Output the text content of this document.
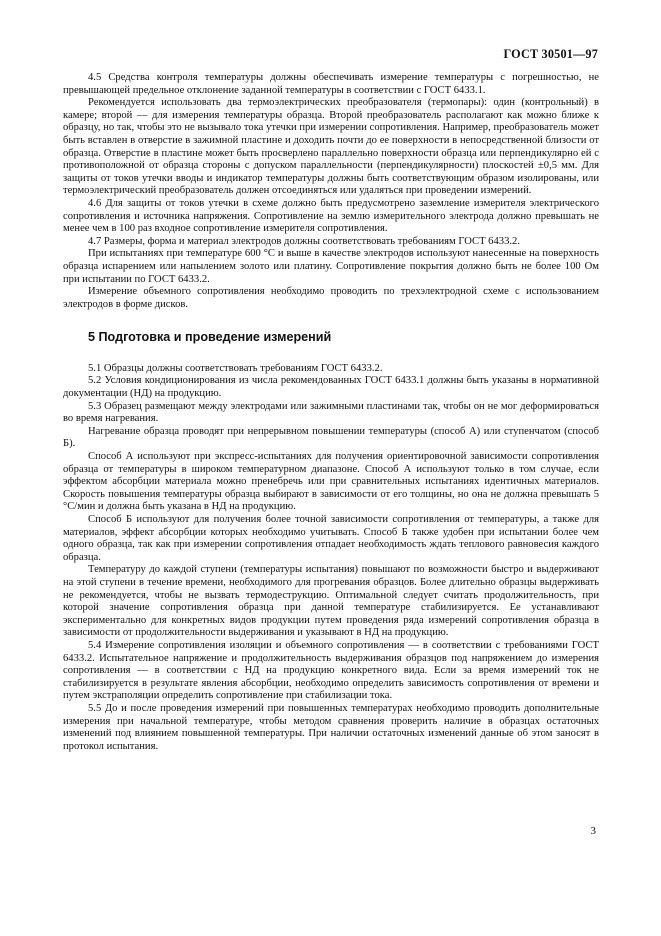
ГОСТ 30501—97

4.5 Средства контроля температуры должны обеспечивать измерение температуры с погрешностью, не превышающей предельное отклонение заданной температуры в соответствии с ГОСТ 6433.1.

Рекомендуется использовать два термоэлектрических преобразователя (термопары): один (контрольный) в камере; второй — для измерения температуры образца. Второй преобразователь располагают как можно ближе к образцу, но так, чтобы это не вызывало тока утечки при измерении сопротивления. Например, преобразователь может быть вставлен в отверстие в зажимной пластине и доходить почти до ее поверхности в непосредственной близости от образца. Отверстие в пластине может быть просверлено параллельно поверхности образца или перпендикулярно ей с противоположной от образца стороны с допуском параллельности (перпендикулярности) плоскостей ±0,5 мм. Для защиты от токов утечки вводы и индикатор температуры должны быть соответствующим образом изолированы, или термоэлектрический преобразователь должен отсоединяться или удаляться при проведении измерений.

4.6 Для защиты от токов утечки в схеме должно быть предусмотрено заземление измерителя электрического сопротивления и источника напряжения. Сопротивление на землю измерительного электрода должно превышать не менее чем в 100 раз входное сопротивление измерителя сопротивления.

4.7 Размеры, форма и материал электродов должны соответствовать требованиям ГОСТ 6433.2.

При испытаниях при температуре 600 °С и выше в качестве электродов используют нанесенные на поверхность образца испарением или напылением золото или платину. Сопротивление покрытия должно быть не более 100 Ом при испытании по ГОСТ 6433.2.

Измерение объемного сопротивления необходимо проводить по трехэлектродной схеме с использованием электродов в форме дисков.

5 Подготовка и проведение измерений

5.1 Образцы должны соответствовать требованиям ГОСТ 6433.2.

5.2 Условия кондиционирования из числа рекомендованных ГОСТ 6433.1 должны быть указаны в нормативной документации (НД) на продукцию.

5.3 Образец размещают между электродами или зажимными пластинами так, чтобы он не мог деформироваться во время нагревания.

Нагревание образца проводят при непрерывном повышении температуры (способ А) или ступенчатом (способ Б).

Способ А используют при экспресс-испытаниях для получения ориентировочной зависимости сопротивления образца от температуры в широком температурном диапазоне. Способ А используют только в том случае, если эффектом абсорбции материала можно пренебречь или при сравнительных испытаниях идентичных материалов. Скорость повышения температуры образца выбирают в зависимости от его толщины, но она не должна превышать 5 °С/мин и должна быть указана в НД на продукцию.

Способ Б используют для получения более точной зависимости сопротивления от температуры, а также для материалов, эффект абсорбции которых необходимо учитывать. Способ Б также удобен при испытании более чем одного образца, так как при измерении сопротивления отпадает необходимость ждать теплового равновесия каждого образца.

Температуру до каждой ступени (температуры испытания) повышают по возможности быстро и выдерживают на этой ступени в течение времени, необходимого для прогревания образцов. Более длительно образцы выдерживать не рекомендуется, чтобы не вызвать термодеструкцию. Оптимальной следует считать продолжительность, при которой значение сопротивления образца при данной температуре стабилизируется. Ее устанавливают экспериментально для конкретных видов продукции путем проведения ряда измерений сопротивления образца в зависимости от продолжительности выдерживания и указывают в НД на продукцию.

5.4 Измерение сопротивления изоляции и объемного сопротивления — в соответствии с требованиями ГОСТ 6433.2. Испытательное напряжение и продолжительность выдерживания образцов под напряжением до измерения сопротивления — в соответствии с НД на продукцию конкретного вида. Если за время измерений ток не стабилизируется в результате явления абсорбции, необходимо определить зависимость сопротивления от времени и путем экстраполяции определить сопротивление при стабилизации тока.

5.5 До и после проведения измерений при повышенных температурах необходимо проводить дополнительные измерения при начальной температуре, чтобы методом сравнения проверить наличие в образцах остаточных изменений под влиянием повышенной температуры. При наличии остаточных изменений данные об этом заносят в протокол испытания.

3
